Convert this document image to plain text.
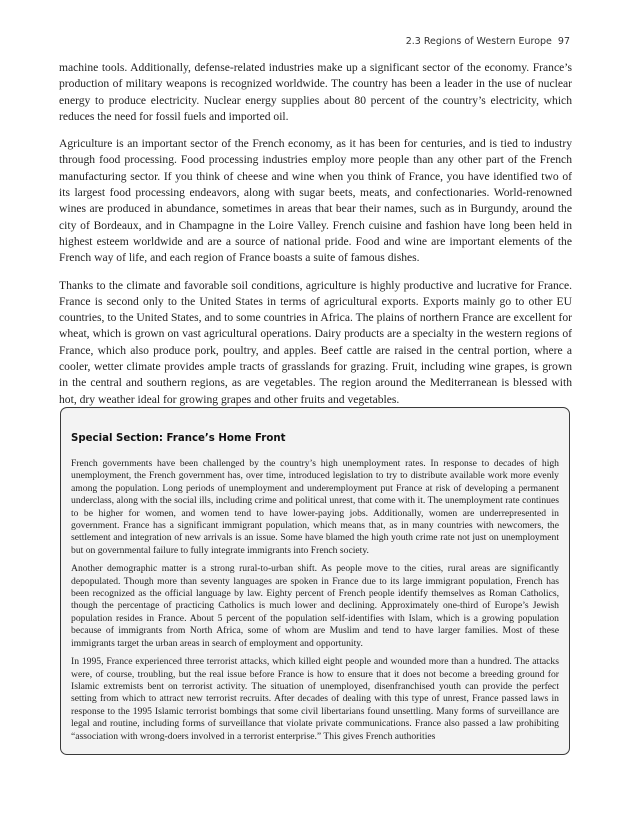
2.3 Regions of Western Europe 97

machine tools. Additionally, defense-related industries make up a significant sector of the economy. France’s production of military weapons is recognized worldwide. The country has been a leader in the use of nuclear energy to produce electricity. Nuclear energy supplies about 80 percent of the country’s electricity, which reduces the need for fossil fuels and imported oil.

Agriculture is an important sector of the French economy, as it has been for centuries, and is tied to industry through food processing. Food processing industries employ more people than any other part of the French manufacturing sector. If you think of cheese and wine when you think of France, you have identified two of its largest food processing endeavors, along with sugar beets, meats, and confectionaries. World-renowned wines are produced in abundance, sometimes in areas that bear their names, such as in Burgundy, around the city of Bordeaux, and in Champagne in the Loire Valley. French cuisine and fashion have long been held in highest esteem worldwide and are a source of national pride. Food and wine are important elements of the French way of life, and each region of France boasts a suite of famous dishes.

Thanks to the climate and favorable soil conditions, agriculture is highly productive and lucrative for France. France is second only to the United States in terms of agricultural exports. Exports mainly go to other EU countries, to the United States, and to some countries in Africa. The plains of northern France are excellent for wheat, which is grown on vast agricultural operations. Dairy products are a specialty in the western regions of France, which also produce pork, poultry, and apples. Beef cattle are raised in the central portion, where a cooler, wetter climate provides ample tracts of grasslands for grazing. Fruit, including wine grapes, is grown in the central and southern regions, as are vegetables. The region around the Mediterranean is blessed with hot, dry weather ideal for growing grapes and other fruits and vegetables.

Special Section: France’s Home Front

French governments have been challenged by the country’s high unemployment rates. In response to decades of high unemployment, the French government has, over time, introduced legislation to try to distribute available work more evenly among the population. Long periods of unemployment and underemployment put France at risk of developing a permanent underclass, along with the social ills, including crime and political unrest, that come with it. The unemployment rate continues to be higher for women, and women tend to have lower-paying jobs. Additionally, women are underrepresented in government. France has a significant immigrant population, which means that, as in many countries with newcomers, the settlement and integration of new arrivals is an issue. Some have blamed the high youth crime rate not just on unemployment but on governmental failure to fully integrate immigrants into French society.

Another demographic matter is a strong rural-to-urban shift. As people move to the cities, rural areas are significantly depopulated. Though more than seventy languages are spoken in France due to its large immigrant population, French has been recognized as the official language by law. Eighty percent of French people identify themselves as Roman Catholics, though the percentage of practicing Catholics is much lower and declining. Approximately one-third of Europe’s Jewish population resides in France. About 5 percent of the population self-identifies with Islam, which is a growing population because of immigrants from North Africa, some of whom are Muslim and tend to have larger families. Most of these immigrants target the urban areas in search of employment and opportunity.

In 1995, France experienced three terrorist attacks, which killed eight people and wounded more than a hundred. The attacks were, of course, troubling, but the real issue before France is how to ensure that it does not become a breeding ground for Islamic extremists bent on terrorist activity. The situation of unemployed, disenfranchised youth can provide the perfect setting from which to attract new terrorist recruits. After decades of dealing with this type of unrest, France passed laws in response to the 1995 Islamic terrorist bombings that some civil libertarians found unsettling. Many forms of surveillance are legal and routine, including forms of surveillance that violate private communications. France also passed a law prohibiting “association with wrong-doers involved in a terrorist enterprise.” This gives French authorities
